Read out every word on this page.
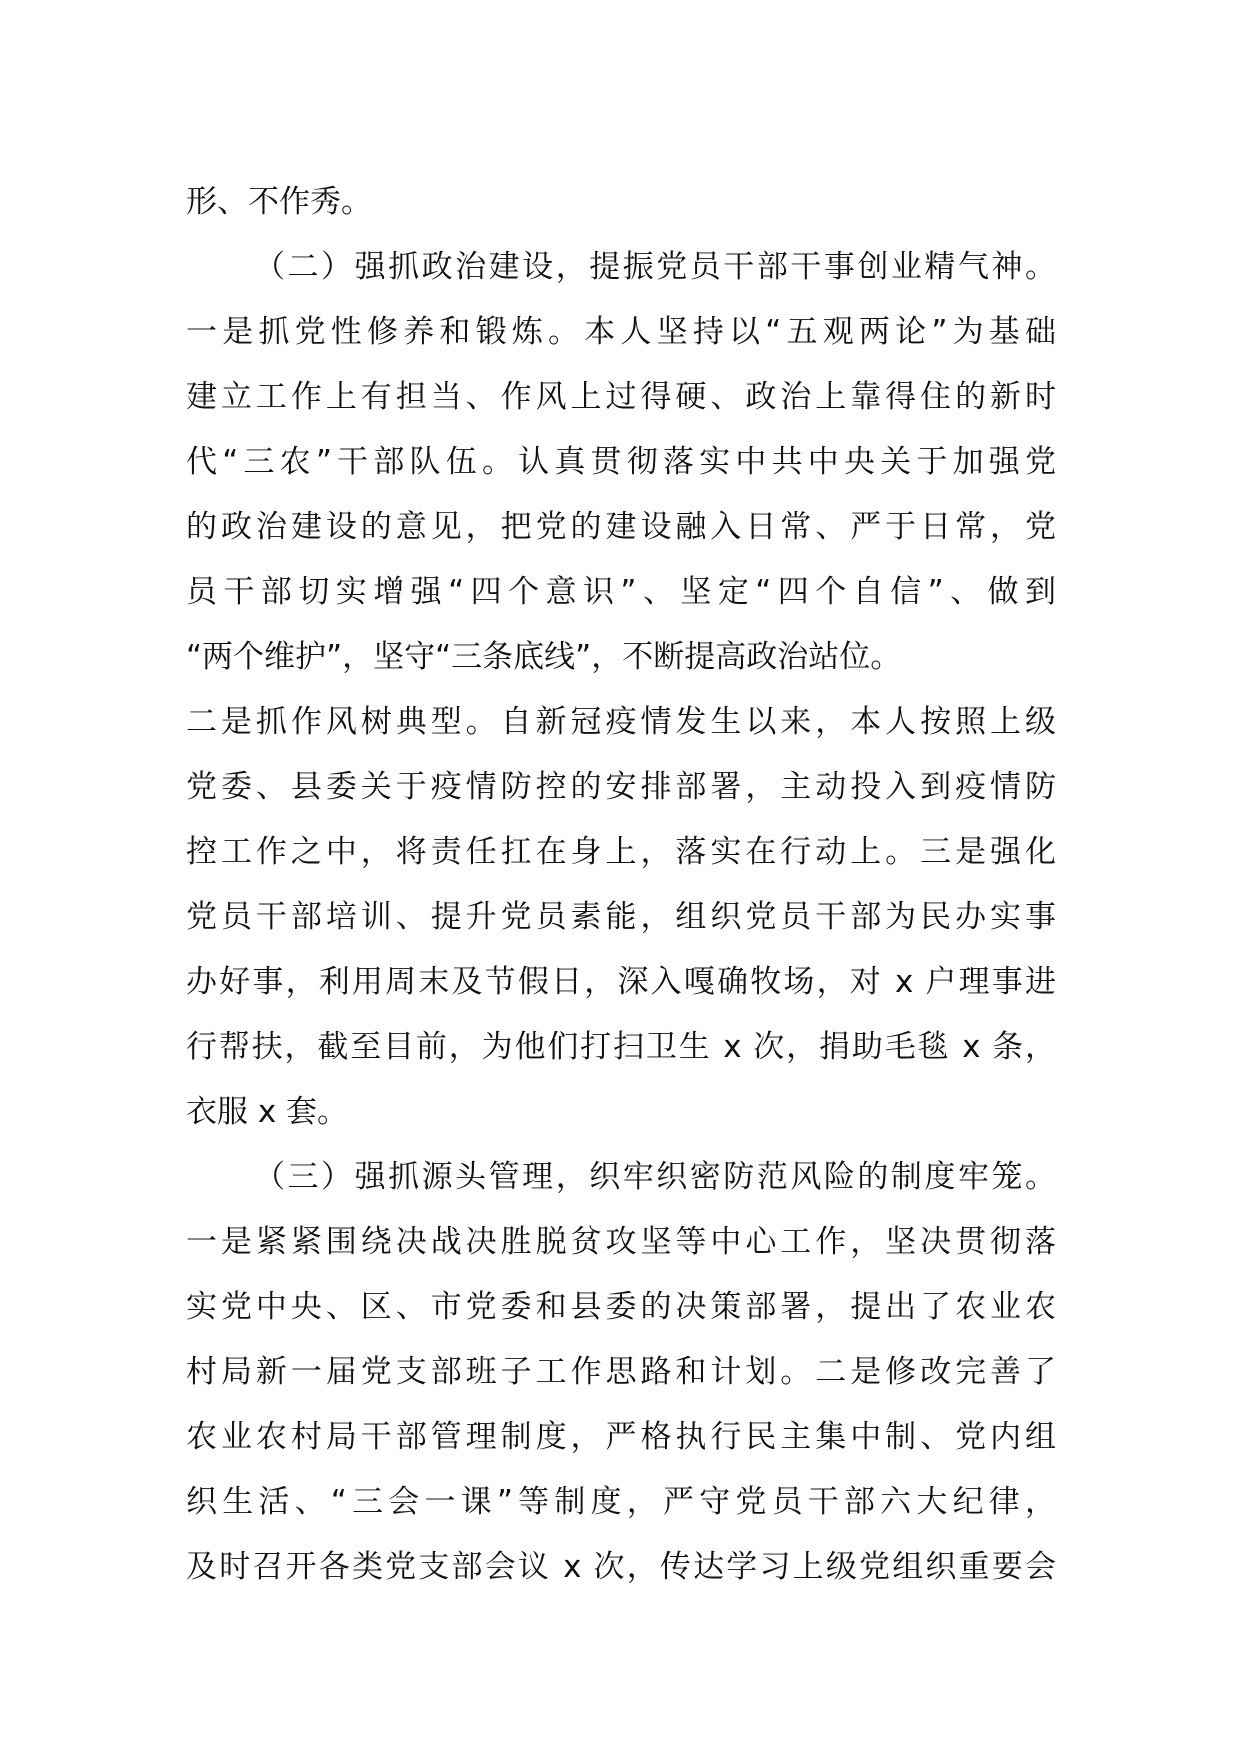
形、不作秀。
（二）强抓政治建设，提振党员干部干事创业精气神。
一是抓党性修养和锻炼。本人坚持以“五观两论”为基础
建立工作上有担当、作风上过得硬、政治上靠得住的新时
代“三农”干部队伍。认真贯彻落实中共中央关于加强党
的政治建设的意见，把党的建设融入日常、严于日常，党
员干部切实增强“四个意识”、坚定“四个自信”、做到
“两个维护”，坚守“三条底线”，不断提高政治站位。
二是抓作风树典型。自新冠疫情发生以来，本人按照上级
党委、县委关于疫情防控的安排部署，主动投入到疫情防
控工作之中，将责任扛在身上，落实在行动上。三是强化
党员干部培训、提升党员素能，组织党员干部为民办实事
办好事，利用周末及节假日，深入嘎确牧场，对 x 户理事进
行帮扶，截至目前，为他们打扫卫生 x 次，捐助毛毯 x 条，
衣服 x 套。
（三）强抓源头管理，织牢织密防范风险的制度牢笼。
一是紧紧围绕决战决胜脱贫攻坚等中心工作，坚决贯彻落
实党中央、区、市党委和县委的决策部署，提出了农业农
村局新一届党支部班子工作思路和计划。二是修改完善了
农业农村局干部管理制度，严格执行民主集中制、党内组
织生活、“三会一课”等制度，严守党员干部六大纪律，
及时召开各类党支部会议 x 次，传达学习上级党组织重要会
